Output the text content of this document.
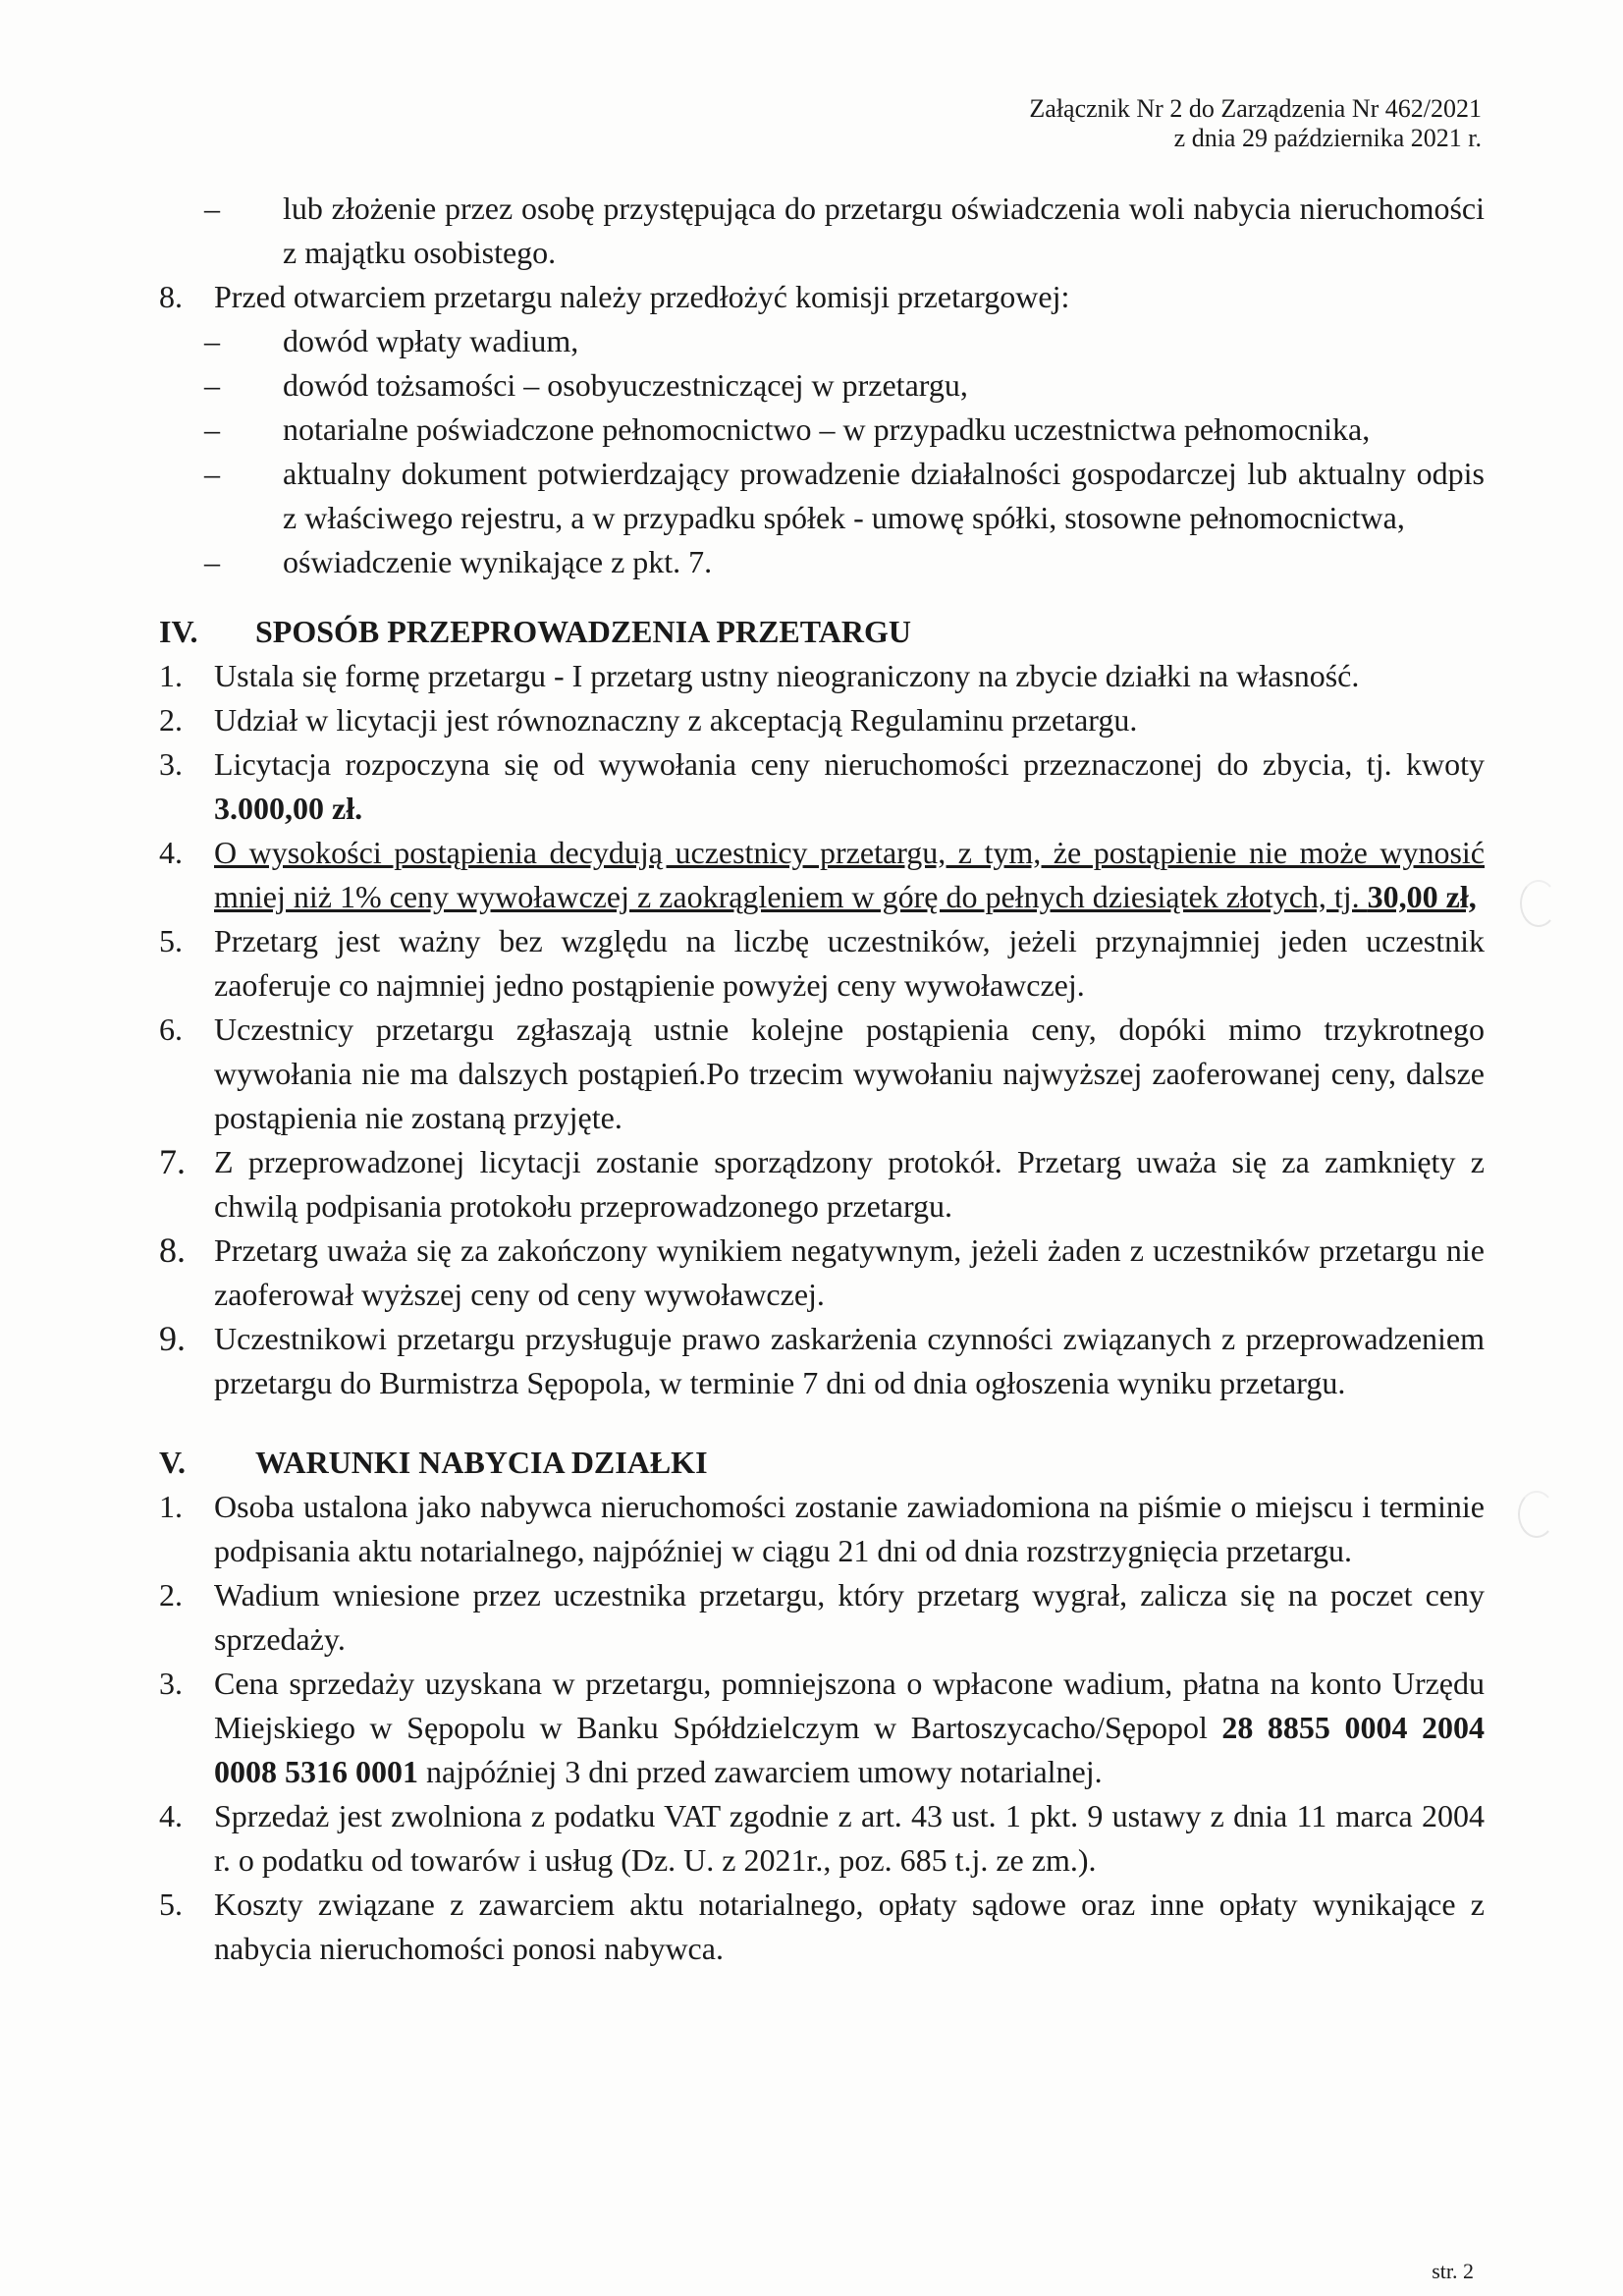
Załącznik Nr 2 do Zarządzenia Nr 462/2021
z dnia 29 października 2021 r.
–	lub złożenie przez osobę przystępująca do przetargu oświadczenia woli nabycia nieruchomości z majątku osobistego.
8.	Przed otwarciem przetargu należy przedłożyć komisji przetargowej:
–	dowód wpłaty wadium,
–	dowód tożsamości – osobyuczestniczącej w przetargu,
–	notarialne poświadczone pełnomocnictwo – w przypadku uczestnictwa pełnomocnika,
–	aktualny dokument potwierdzający prowadzenie działalności gospodarczej lub aktualny odpis z właściwego rejestru, a w przypadku spółek - umowę spółki, stosowne pełnomocnictwa,
–	oświadczenie wynikające z pkt. 7.
IV.	SPOSÓB PRZEPROWADZENIA PRZETARGU
1.	Ustala się formę przetargu - I przetarg ustny nieograniczony na zbycie działki na własność.
2.	Udział w licytacji jest równoznaczny z akceptacją Regulaminu przetargu.
3.	Licytacja rozpoczyna się od wywołania ceny nieruchomości przeznaczonej do zbycia, tj. kwoty 3.000,00 zł.
4.	O wysokości postąpienia decydują uczestnicy przetargu, z tym, że postąpienie nie może wynosić mniej niż 1% ceny wywoławczej z zaokrągleniem w górę do pełnych dziesiątek złotych, tj. 30,00 zł,
5.	Przetarg jest ważny bez względu na liczbę uczestników, jeżeli przynajmniej jeden uczestnik zaoferuje co najmniej jedno postąpienie powyżej ceny wywoławczej.
6.	Uczestnicy przetargu zgłaszają ustnie kolejne postąpienia ceny, dopóki mimo trzykrotnego wywołania nie ma dalszych postąpień.Po trzecim wywołaniu najwyższej zaoferowanej ceny, dalsze postąpienia nie zostaną przyjęte.
7. Z przeprowadzonej licytacji zostanie sporządzony protokół. Przetarg uważa się za zamknięty z chwilą podpisania protokołu przeprowadzonego przetargu.
8. Przetarg uważa się za zakończony wynikiem negatywnym, jeżeli żaden z uczestników przetargu nie zaoferował wyższej ceny od ceny wywoławczej.
9. Uczestnikowi przetargu przysługuje prawo zaskarżenia czynności związanych z przeprowadzeniem przetargu do Burmistrza Sępopola, w terminie 7 dni od dnia ogłoszenia wyniku przetargu.
V.	WARUNKI NABYCIA DZIAŁKI
1.	Osoba ustalona jako nabywca nieruchomości zostanie zawiadomiona na piśmie o miejscu i terminie podpisania aktu notarialnego, najpóźniej w ciągu 21 dni od dnia rozstrzygnięcia przetargu.
2.	Wadium wniesione przez uczestnika przetargu, który przetarg wygrał, zalicza się na poczet ceny sprzedaży.
3.	Cena sprzedaży uzyskana w przetargu, pomniejszona o wpłacone wadium, płatna na konto Urzędu Miejskiego w Sępopolu w Banku Spółdzielczym w Bartoszycacho/Sępopol 28 8855 0004 2004 0008 5316 0001 najpóźniej 3 dni przed zawarciem umowy notarialnej.
4.	Sprzedaż jest zwolniona z podatku VAT zgodnie z art. 43 ust. 1 pkt. 9 ustawy z dnia 11 marca 2004 r. o podatku od towarów i usług (Dz. U. z 2021r., poz. 685 t.j. ze zm.).
5.	Koszty związane z zawarciem aktu notarialnego, opłaty sądowe oraz inne opłaty wynikające z nabycia nieruchomości ponosi nabywca.
str. 2
